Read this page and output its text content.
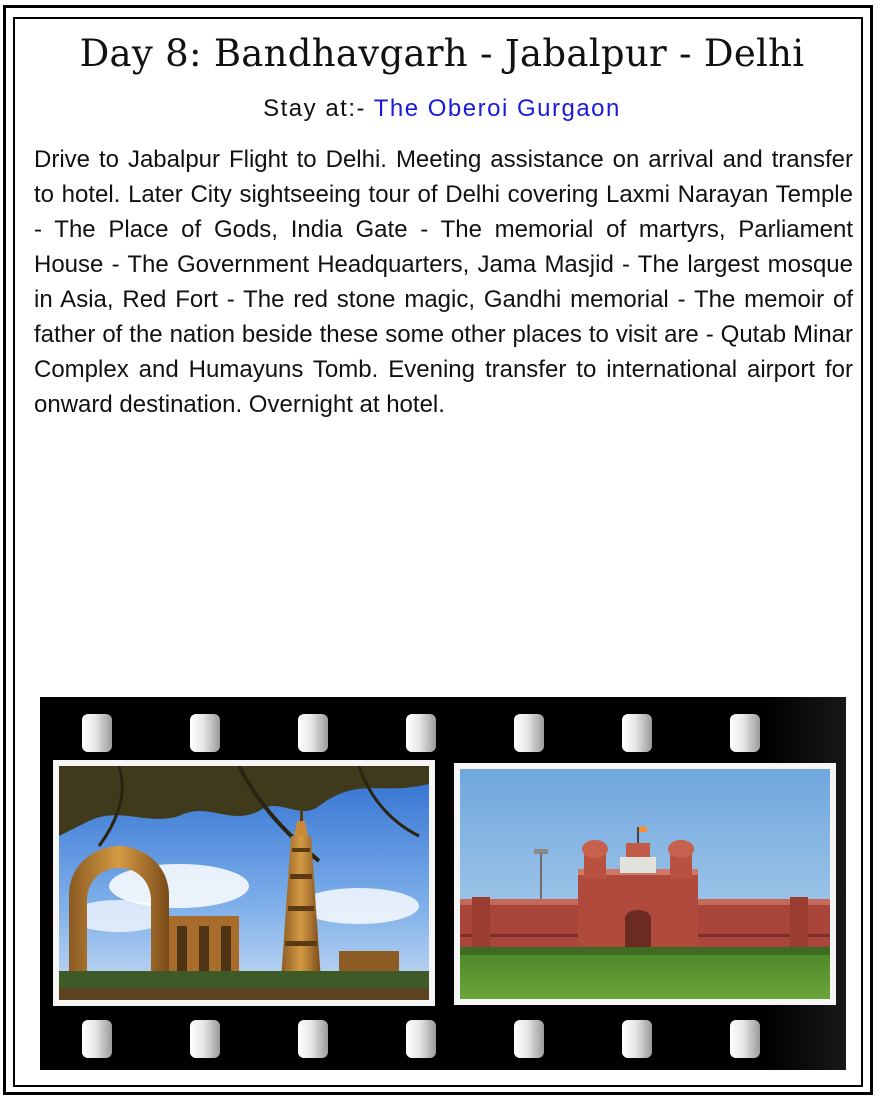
Day 8: Bandhavgarh - Jabalpur - Delhi
Stay at:- The Oberoi Gurgaon

Drive to Jabalpur Flight to Delhi. Meeting assistance on arrival and transfer to hotel. Later City sightseeing tour of Delhi covering Laxmi Narayan Temple - The Place of Gods, India Gate - The memorial of martyrs, Parliament House - The Government Headquarters, Jama Masjid - The largest mosque in Asia, Red Fort - The red stone magic, Gandhi memorial - The memoir of father of the nation beside these some other places to visit are - Qutab Minar Complex and Humayuns Tomb. Evening transfer to international airport for onward destination. Overnight at hotel.
